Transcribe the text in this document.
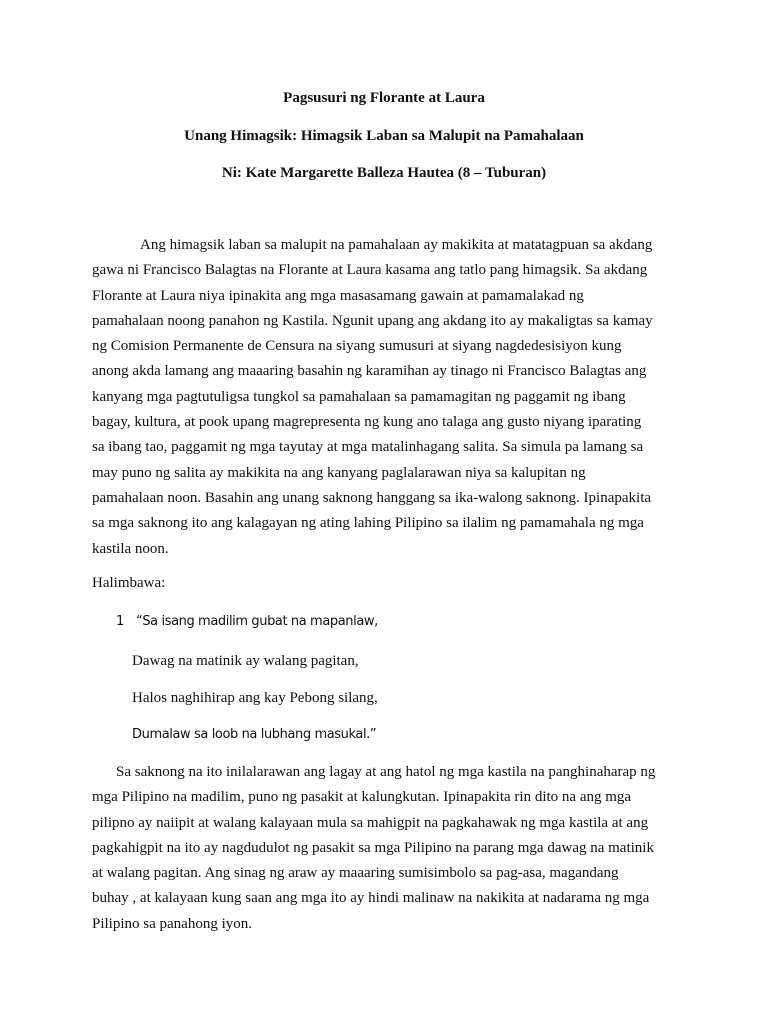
Pagsusuri ng Florante at Laura
Unang Himagsik: Himagsik Laban sa Malupit na Pamahalaan
Ni: Kate Margarette Balleza Hautea (8 – Tuburan)
Ang himagsik laban sa malupit na pamahalaan ay makikita at matatagpuan sa akdang
gawa ni Francisco Balagtas na Florante at Laura kasama ang tatlo pang himagsik. Sa akdang
Florante at Laura niya ipinakita ang mga masasamang gawain at pamamalakad ng
pamahalaan noong panahon ng Kastila. Ngunit upang ang akdang ito ay makaligtas sa kamay
ng Comision Permanente de Censura na siyang sumusuri at siyang nagdedesisiyon kung
anong akda lamang ang maaaring basahin ng karamihan ay tinago ni Francisco Balagtas ang
kanyang mga pagtutuligsa tungkol sa pamahalaan sa pamamagitan ng paggamit ng ibang
bagay, kultura, at pook upang magrepresenta ng kung ano talaga ang gusto niyang iparating
sa ibang tao, paggamit ng mga tayutay at mga matalinhagang salita. Sa simula pa lamang sa
may puno ng salita ay makikita na ang kanyang paglalarawan niya sa kalupitan ng
pamahalaan noon. Basahin ang unang saknong hanggang sa ika-walong saknong. Ipinapakita
sa mga saknong ito ang kalagayan ng ating lahing Pilipino sa ilalim ng pamamahala ng mga
kastila noon.

Halimbawa:

1 “Sa isang madilim gubat na mapanlaw,

Dawag na matinik ay walang pagitan,

Halos naghihirap ang kay Pebong silang,

Dumalaw sa loob na lubhang masukal.”

Sa saknong na ito inilalarawan ang lagay at ang hatol ng mga kastila na panghinaharap ng
mga Pilipino na madilim, puno ng pasakit at kalungkutan. Ipinapakita rin dito na ang mga
pilipno ay naiipit at walang kalayaan mula sa mahigpit na pagkahawak ng mga kastila at ang
pagkahigpit na ito ay nagdudulot ng pasakit sa mga Pilipino na parang mga dawag na matinik
at walang pagitan. Ang sinag ng araw ay maaaring sumisimbolo sa pag-asa, magandang
buhay , at kalayaan kung saan ang mga ito ay hindi malinaw na nakikita at nadarama ng mga
Pilipino sa panahong iyon.
